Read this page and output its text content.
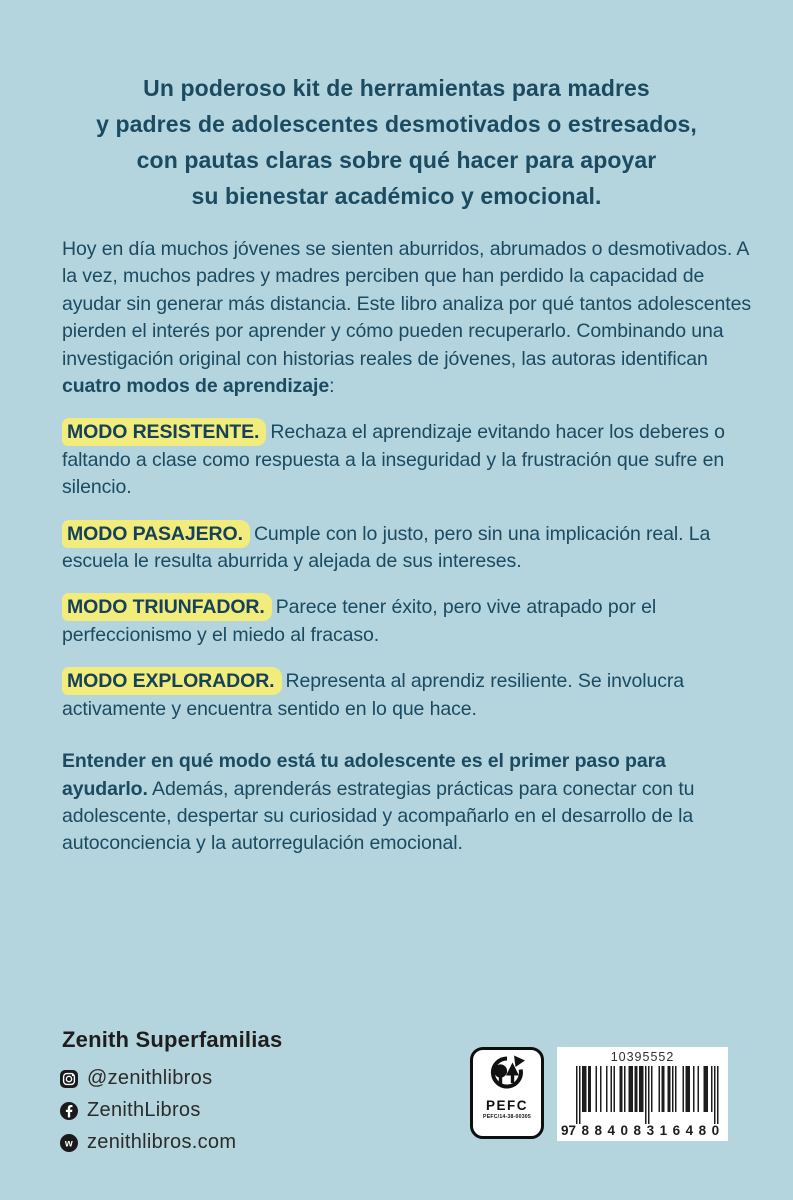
Un poderoso kit de herramientas para madres
y padres de adolescentes desmotivados o estresados,
con pautas claras sobre qué hacer para apoyar
su bienestar académico y emocional.

Hoy en día muchos jóvenes se sienten aburridos, abrumados o desmotivados. A la vez, muchos padres y madres perciben que han perdido la capacidad de ayudar sin generar más distancia. Este libro analiza por qué tantos adolescentes pierden el interés por aprender y cómo pueden recuperarlo. Combinando una investigación original con historias reales de jóvenes, las autoras identifican cuatro modos de aprendizaje:

MODO RESISTENTE. Rechaza el aprendizaje evitando hacer los deberes o faltando a clase como respuesta a la inseguridad y la frustración que sufre en silencio.

MODO PASAJERO. Cumple con lo justo, pero sin una implicación real. La escuela le resulta aburrida y alejada de sus intereses.

MODO TRIUNFADOR. Parece tener éxito, pero vive atrapado por el perfeccionismo y el miedo al fracaso.

MODO EXPLORADOR. Representa al aprendiz resiliente. Se involucra activamente y encuentra sentido en lo que hace.

Entender en qué modo está tu adolescente es el primer paso para ayudarlo. Además, aprenderás estrategias prácticas para conectar con tu adolescente, despertar su curiosidad y acompañarlo en el desarrollo de la autoconciencia y la autorregulación emocional.

Zenith Superfamilias
@zenithlibros
ZenithLibros
w zenithlibros.com
PEFC
PEFC/14-38-00305
10395552
9 788408 316480
